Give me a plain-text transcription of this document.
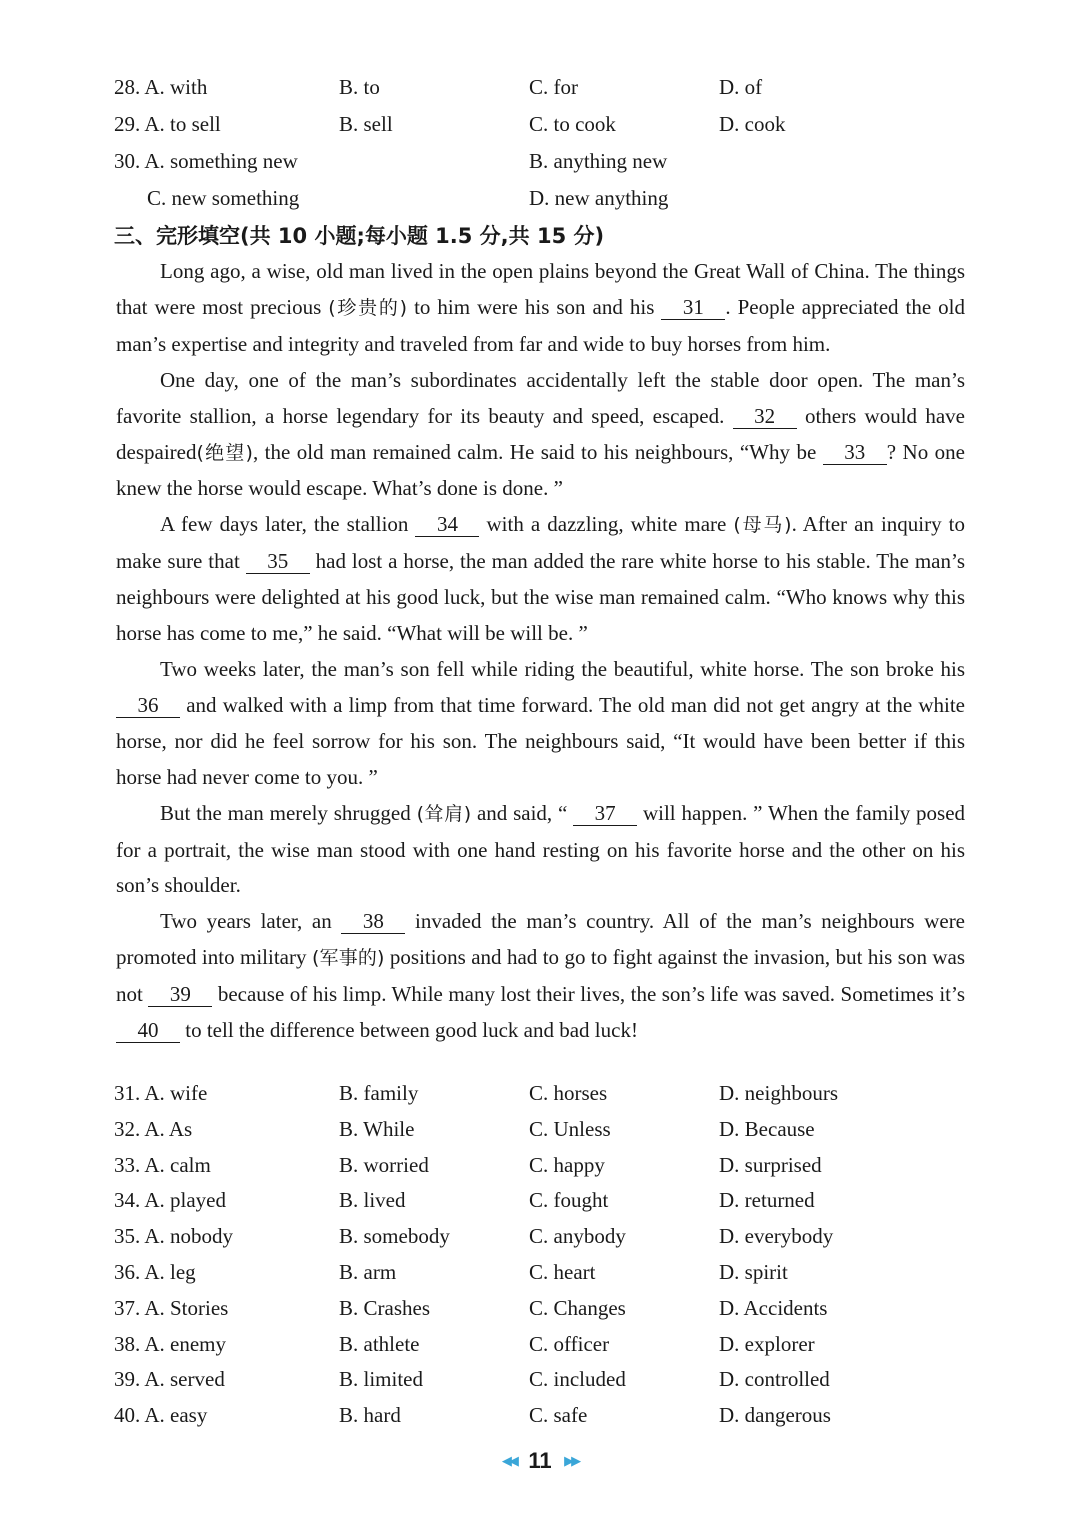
28. A. with	B. to	C. for	D. of
29. A. to sell	B. sell	C. to cook	D. cook
30. A. something new	B. anything new
C. new something	D. new anything
三、完形填空(共 10 小题;每小题 1.5 分,共 15 分)

Long ago, a wise, old man lived in the open plains beyond the Great Wall of China. The things that were most precious (珍贵的) to him were his son and his 31 . People appreciated the old man’s expertise and integrity and traveled from far and wide to buy horses from him.

One day, one of the man’s subordinates accidentally left the stable door open. The man’s favorite stallion, a horse legendary for its beauty and speed, escaped. 32 others would have despaired(绝望), the old man remained calm. He said to his neighbours, “Why be 33 ? No one knew the horse would escape. What’s done is done. ”

A few days later, the stallion 34 with a dazzling, white mare (母马). After an inquiry to make sure that 35 had lost a horse, the man added the rare white horse to his stable. The man’s neighbours were delighted at his good luck, but the wise man remained calm. “Who knows why this horse has come to me,” he said. “What will be will be. ”

Two weeks later, the man’s son fell while riding the beautiful, white horse. The son broke his 36 and walked with a limp from that time forward. The old man did not get angry at the white horse, nor did he feel sorrow for his son. The neighbours said, “It would have been better if this horse had never come to you. ”

But the man merely shrugged (耸肩) and said, “ 37 will happen. ” When the family posed for a portrait, the wise man stood with one hand resting on his favorite horse and the other on his son’s shoulder.

Two years later, an 38 invaded the man’s country. All of the man’s neighbours were promoted into military (军事的) positions and had to go to fight against the invasion, but his son was not 39 because of his limp. While many lost their lives, the son’s life was saved. Sometimes it’s 40 to tell the difference between good luck and bad luck!

31. A. wife	B. family	C. horses	D. neighbours
32. A. As	B. While	C. Unless	D. Because
33. A. calm	B. worried	C. happy	D. surprised
34. A. played	B. lived	C. fought	D. returned
35. A. nobody	B. somebody	C. anybody	D. everybody
36. A. leg	B. arm	C. heart	D. spirit
37. A. Stories	B. Crashes	C. Changes	D. Accidents
38. A. enemy	B. athlete	C. officer	D. explorer
39. A. served	B. limited	C. included	D. controlled
40. A. easy	B. hard	C. safe	D. dangerous
◀◀ 11 ▶▶
